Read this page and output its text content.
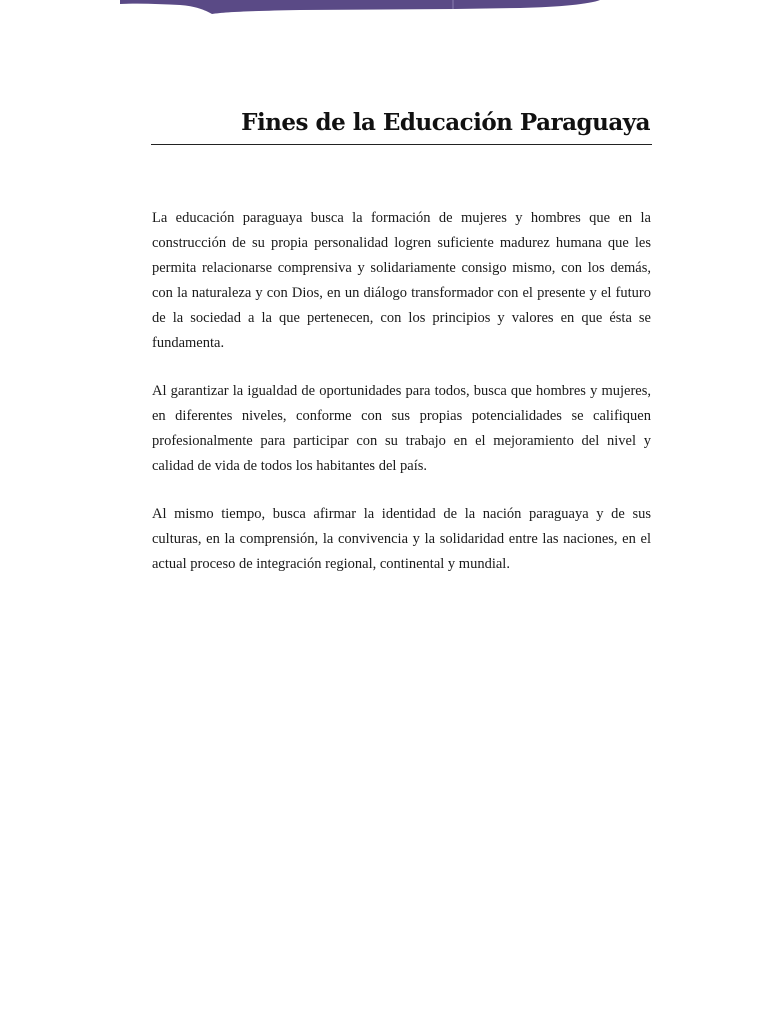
Fines de la Educación Paraguaya

La educación paraguaya busca la formación de mujeres y hombres que en la construcción de su propia personalidad logren suficiente madurez humana que les permita relacionarse comprensiva y solidariamente consigo mismo, con los demás, con la naturaleza y con Dios, en un diálogo transformador con el presente y el futuro de la sociedad a la que pertenecen, con los principios y valores en que ésta se fundamenta.

Al garantizar la igualdad de oportunidades para todos, busca que hombres y mujeres, en diferentes niveles, conforme con sus propias potencialidades se califiquen profesionalmente para participar con su trabajo en el mejoramiento del nivel y calidad de vida de todos los habitantes del país.

Al mismo tiempo, busca afirmar la identidad de la nación paraguaya y de sus culturas, en la comprensión, la convivencia y la solidaridad entre las naciones, en el actual proceso de integración regional, continental y mundial.
